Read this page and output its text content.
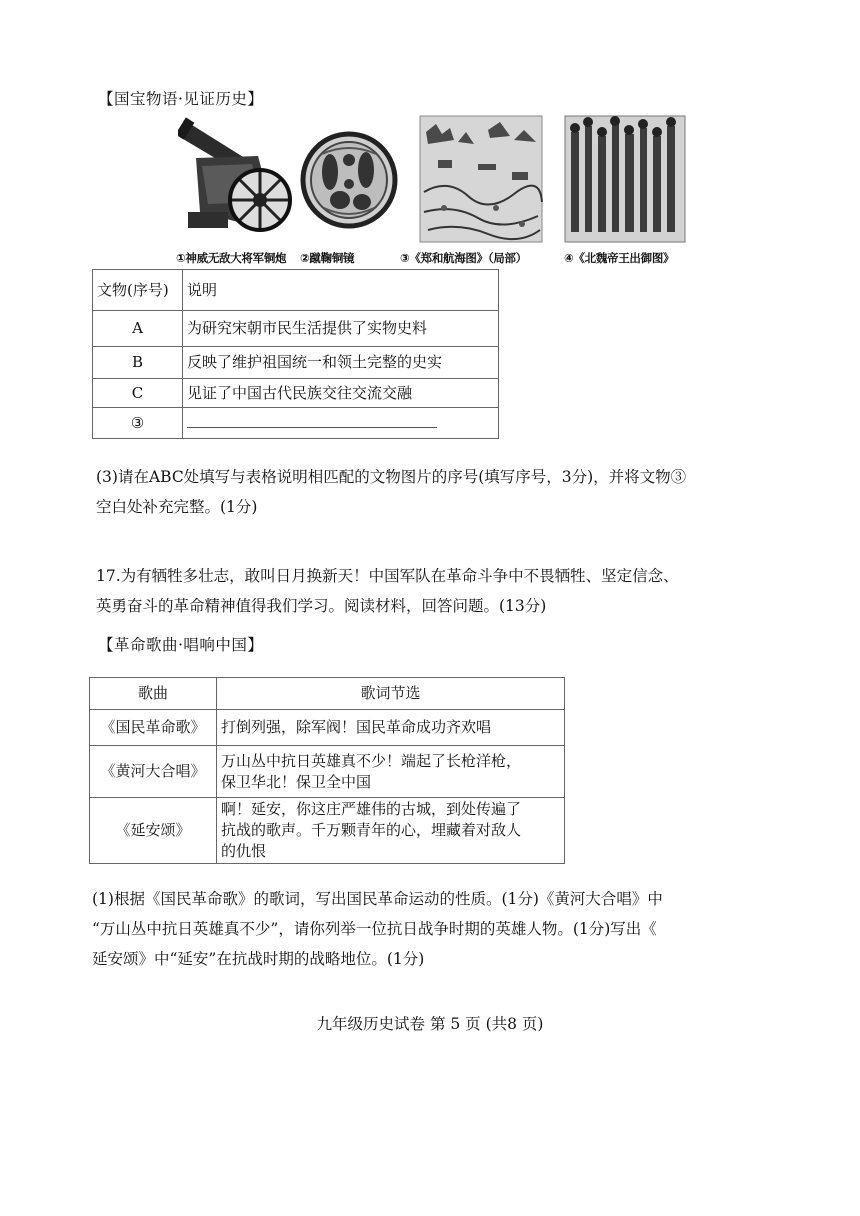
【国宝物语·见证历史】
①神威无敌大将军铜炮 ②蹴鞠铜镜	③《郑和航海图》（局部）	④《北魏帝王出御图》
文物(序号)	说明
A	为研究宋朝市民生活提供了实物史料
B	反映了维护祖国统一和领土完整的史实
C	见证了中国古代民族交往交流交融
③	
(3)请在ABC处填写与表格说明相匹配的文物图片的序号(填写序号，3分)，并将文物③
空白处补充完整。(1分)
17.为有牺牲多壮志，敢叫日月换新天！中国军队在革命斗争中不畏牺牲、坚定信念、
英勇奋斗的革命精神值得我们学习。阅读材料，回答问题。(13分)
【革命歌曲·唱响中国】
歌曲	歌词节选
《国民革命歌》	打倒列强，除军阀！国民革命成功齐欢唱

《黄河大合唱》	万山丛中抗日英雄真不少！端起了长枪洋枪，
保卫华北！保卫全中国

《延安颂》	啊！延安，你这庄严雄伟的古城，到处传遍了
抗战的歌声。千万颗青年的心，埋藏着对敌人
的仇恨
(1)根据《国民革命歌》的歌词，写出国民革命运动的性质。(1分)《黄河大合唱》中
“万山丛中抗日英雄真不少”，请你列举一位抗日战争时期的英雄人物。(1分)写出《
延安颂》中“延安”在抗战时期的战略地位。(1分)
九年级历史试卷 第 5 页 (共8 页)
